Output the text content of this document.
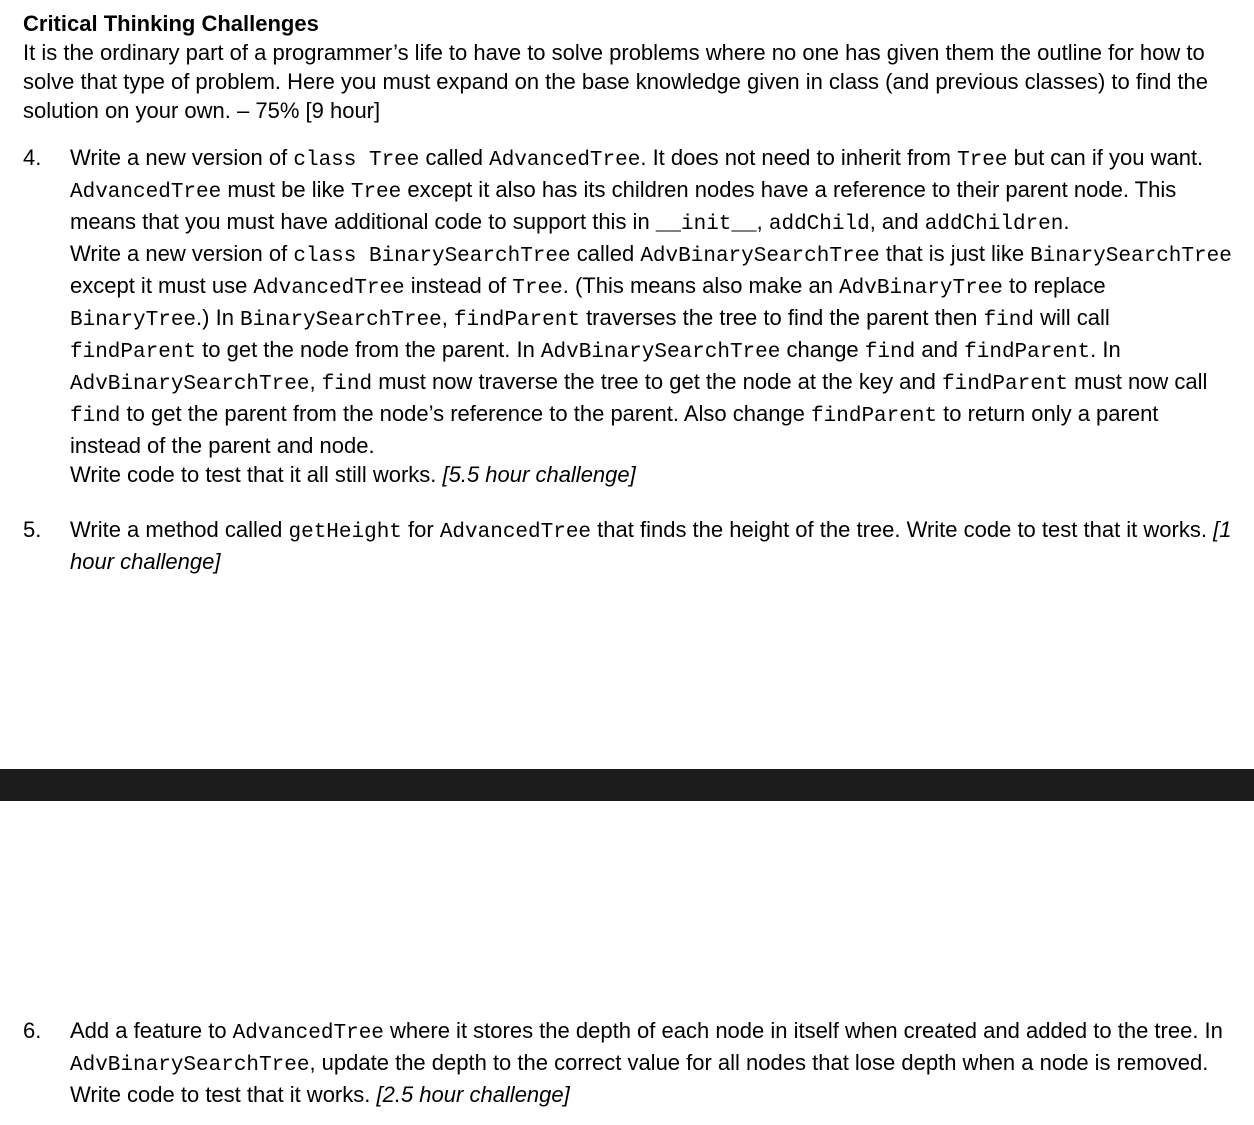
Critical Thinking Challenges

It is the ordinary part of a programmer’s life to have to solve problems where no one has given them the outline for how to solve that type of problem. Here you must expand on the base knowledge given in class (and previous classes) to find the solution on your own. – 75% [9 hour]

4. Write a new version of class Tree called AdvancedTree. It does not need to inherit from Tree but can if you want. AdvancedTree must be like Tree except it also has its children nodes have a reference to their parent node. This means that you must have additional code to support this in __init__, addChild, and addChildren.

Write a new version of class BinarySearchTree called AdvBinarySearchTree that is just like BinarySearchTree except it must use AdvancedTree instead of Tree. (This means also make an AdvBinaryTree to replace BinaryTree.) In BinarySearchTree, findParent traverses the tree to find the parent then find will call findParent to get the node from the parent. In AdvBinarySearchTree change find and findParent. In AdvBinarySearchTree, find must now traverse the tree to get the node at the key and findParent must now call find to get the parent from the node’s reference to the parent. Also change findParent to return only a parent instead of the parent and node.

Write code to test that it all still works. [5.5 hour challenge]

5. Write a method called getHeight for AdvancedTree that finds the height of the tree. Write code to test that it works. [1 hour challenge]

6. Add a feature to AdvancedTree where it stores the depth of each node in itself when created and added to the tree. In AdvBinarySearchTree, update the depth to the correct value for all nodes that lose depth when a node is removed. Write code to test that it works. [2.5 hour challenge]
